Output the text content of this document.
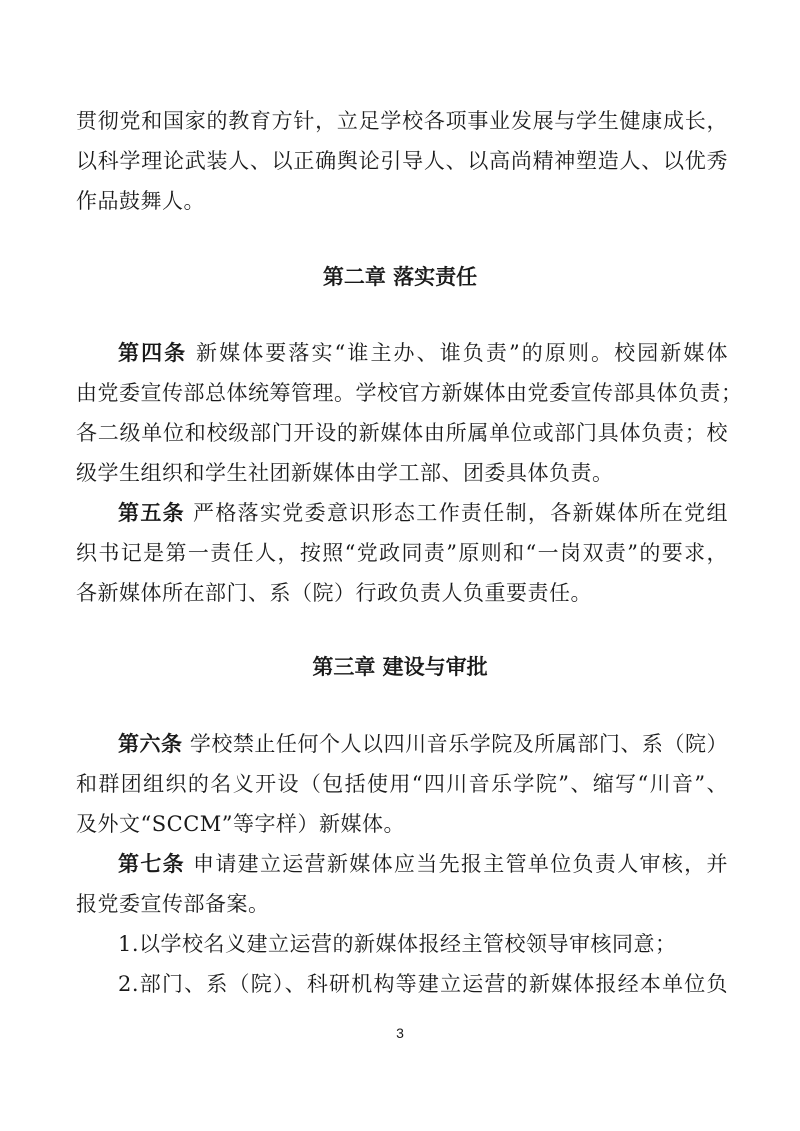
贯彻党和国家的教育方针，立足学校各项事业发展与学生健康成长，
以科学理论武装人、以正确舆论引导人、以高尚精神塑造人、以优秀
作品鼓舞人。
第二章 落实责任
第四条 新媒体要落实“谁主办、谁负责”的原则。校园新媒体
由党委宣传部总体统筹管理。学校官方新媒体由党委宣传部具体负责；
各二级单位和校级部门开设的新媒体由所属单位或部门具体负责；校
级学生组织和学生社团新媒体由学工部、团委具体负责。
第五条 严格落实党委意识形态工作责任制，各新媒体所在党组
织书记是第一责任人，按照“党政同责”原则和“一岗双责”的要求，
各新媒体所在部门、系（院）行政负责人负重要责任。
第三章 建设与审批
第六条 学校禁止任何个人以四川音乐学院及所属部门、系（院）
和群团组织的名义开设（包括使用“四川音乐学院”、缩写“川音”、
及外文“SCCM”等字样）新媒体。
第七条 申请建立运营新媒体应当先报主管单位负责人审核，并
报党委宣传部备案。
1.以学校名义建立运营的新媒体报经主管校领导审核同意；
2.部门、系（院）、科研机构等建立运营的新媒体报经本单位负
3
